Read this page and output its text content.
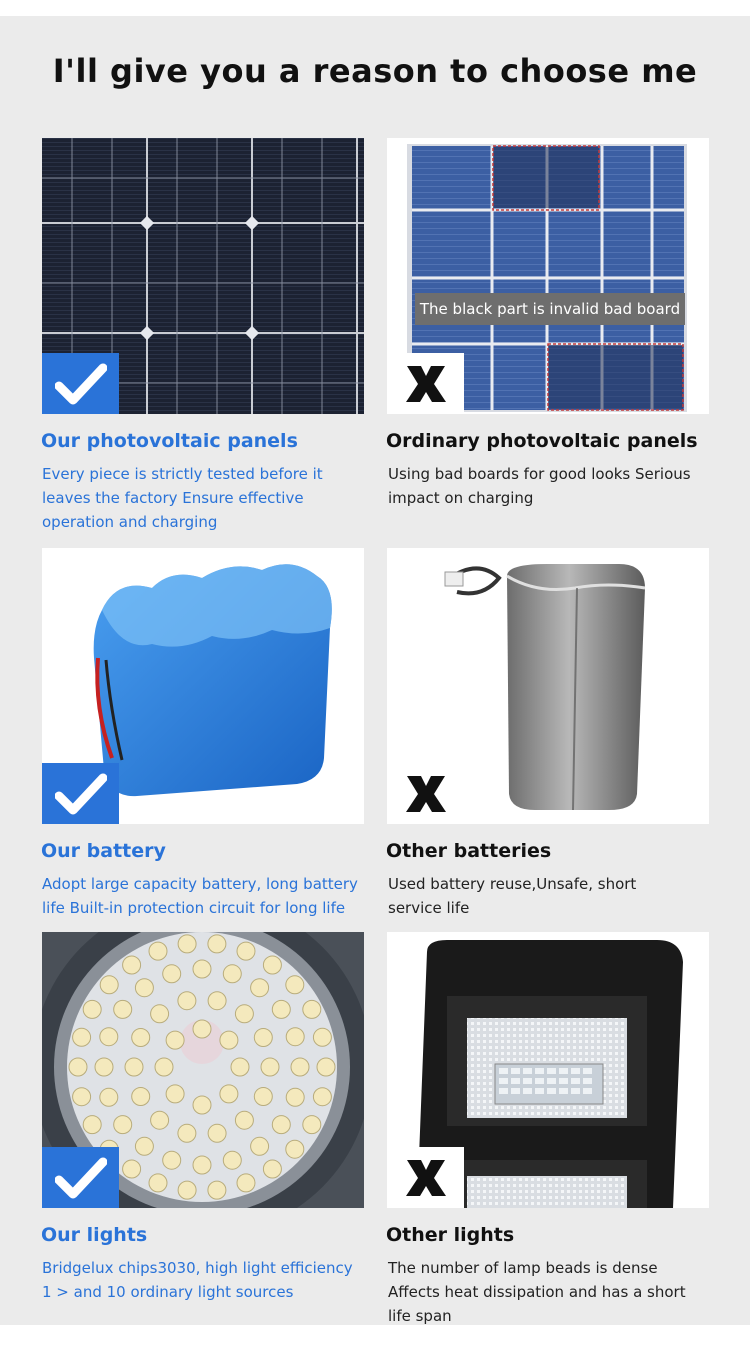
I'll give you a reason to choose me
The black part is invalid bad board
Our photovoltaic panels
Every piece is strictly tested before it leaves the factory Ensure effective operation and charging
Ordinary photovoltaic panels
Using bad boards for good looks Serious impact on charging
Our battery
Adopt large capacity battery, long battery life Built-in protection circuit for long life
Other batteries
Used battery reuse,Unsafe, short service life
Our lights
Bridgelux chips3030, high light efficiency 1 > and 10 ordinary light sources
Other lights
The number of lamp beads is dense Affects heat dissipation and has a short life span
